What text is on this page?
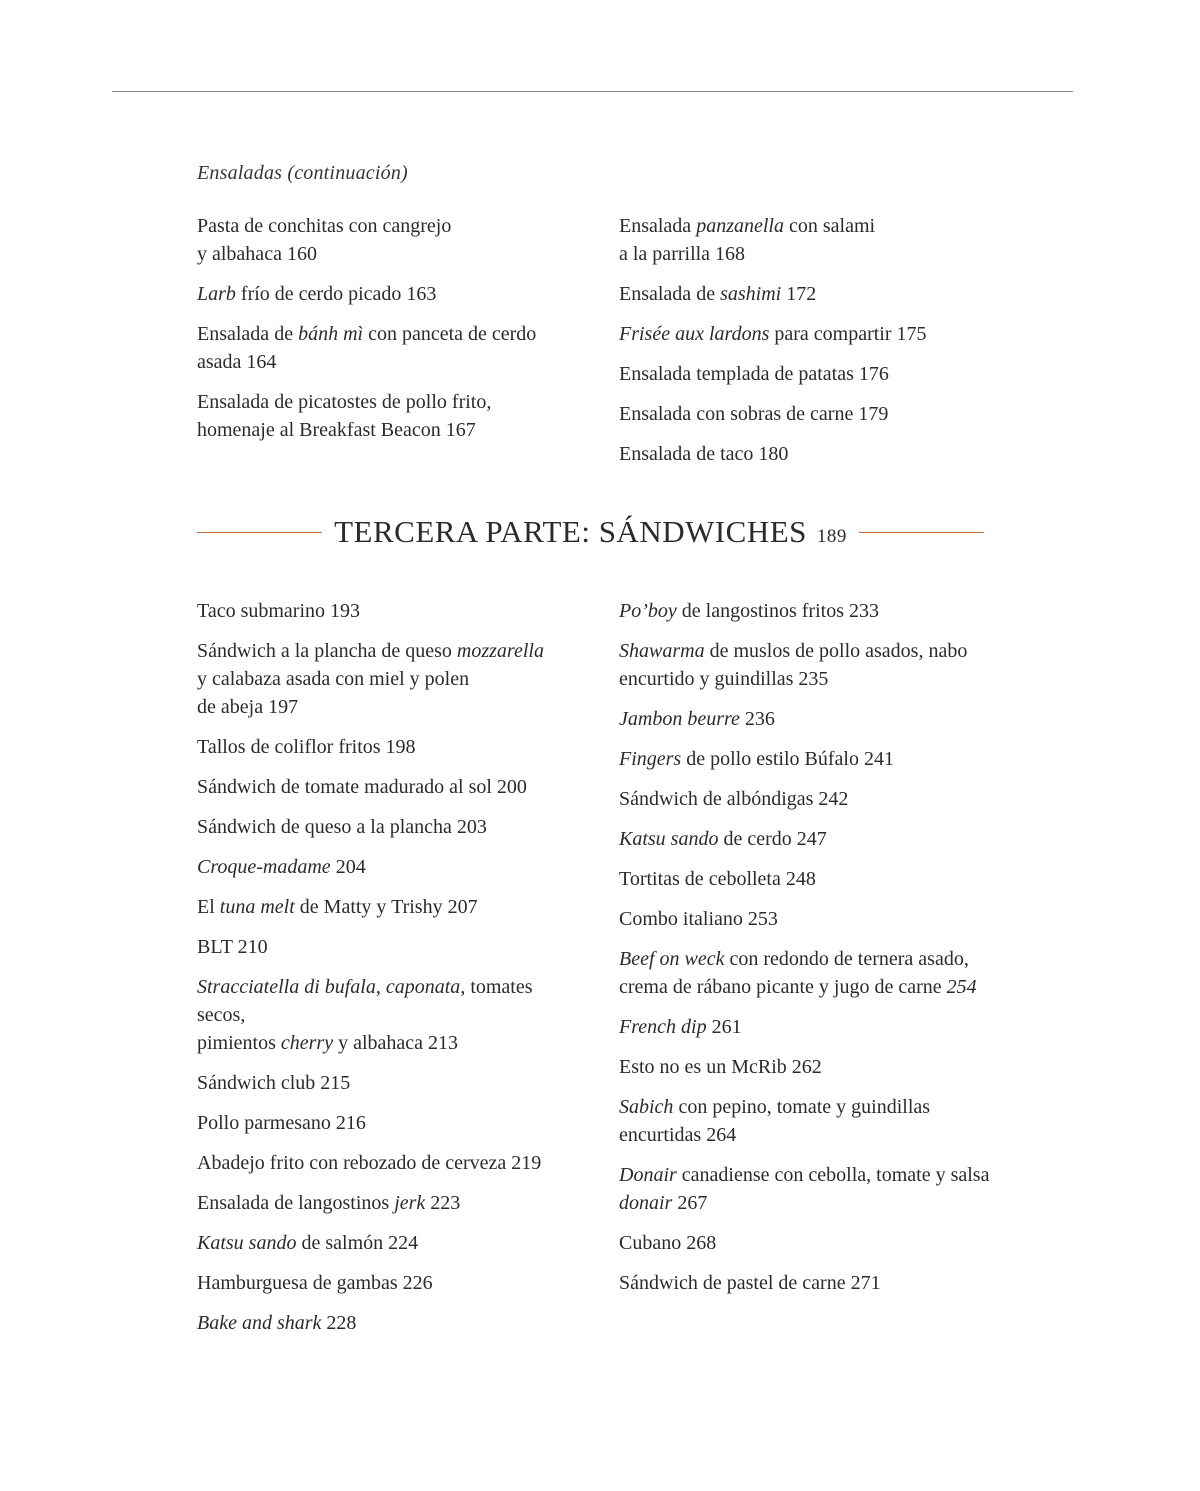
Ensaladas (continuación)
Pasta de conchitas con cangrejo
y albahaca 160
Larb frío de cerdo picado 163
Ensalada de bánh mì con panceta de cerdo
asada 164
Ensalada de picatostes de pollo frito,
homenaje al Breakfast Beacon 167
Ensalada panzanella con salami
a la parrilla 168
Ensalada de sashimi 172
Frisée aux lardons para compartir 175
Ensalada templada de patatas 176
Ensalada con sobras de carne 179
Ensalada de taco 180
TERCERA PARTE: SÁNDWICHES 189
Taco submarino 193
Sándwich a la plancha de queso mozzarella
y calabaza asada con miel y polen
de abeja 197
Tallos de coliflor fritos 198
Sándwich de tomate madurado al sol 200
Sándwich de queso a la plancha 203
Croque-madame 204
El tuna melt de Matty y Trishy 207
BLT 210
Stracciatella di bufala, caponata, tomates secos,
pimientos cherry y albahaca 213
Sándwich club 215
Pollo parmesano 216
Abadejo frito con rebozado de cerveza 219
Ensalada de langostinos jerk 223
Katsu sando de salmón 224
Hamburguesa de gambas 226
Bake and shark 228
Po’boy de langostinos fritos 233
Shawarma de muslos de pollo asados, nabo
encurtido y guindillas 235
Jambon beurre 236
Fingers de pollo estilo Búfalo 241
Sándwich de albóndigas 242
Katsu sando de cerdo 247
Tortitas de cebolleta 248
Combo italiano 253
Beef on weck con redondo de ternera asado,
crema de rábano picante y jugo de carne 254
French dip 261
Esto no es un McRib 262
Sabich con pepino, tomate y guindillas
encurtidas 264
Donair canadiense con cebolla, tomate y salsa
donair 267
Cubano 268
Sándwich de pastel de carne 271
